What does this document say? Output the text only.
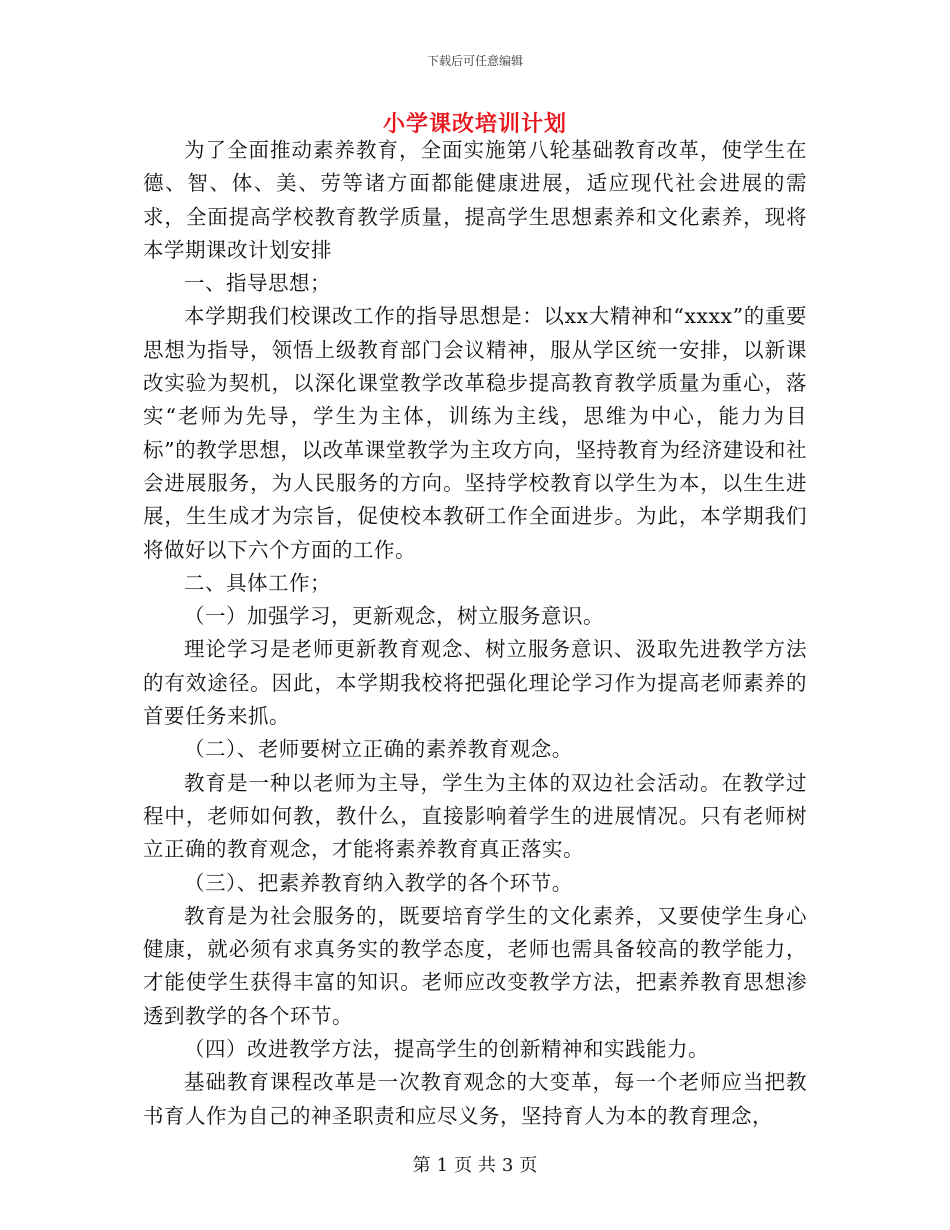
下载后可任意编辑
小学课改培训计划

为了全面推动素养教育，全面实施第八轮基础教育改革，使学生在德、智、体、美、劳等诸方面都能健康进展，适应现代社会进展的需求，全面提高学校教育教学质量，提高学生思想素养和文化素养，现将本学期课改计划安排

一、指导思想；

本学期我们校课改工作的指导思想是：以xx大精神和“xxxx”的重要思想为指导，领悟上级教育部门会议精神，服从学区统一安排，以新课改实验为契机，以深化课堂教学改革稳步提高教育教学质量为重心，落实“老师为先导，学生为主体，训练为主线，思维为中心，能力为目标”的教学思想，以改革课堂教学为主攻方向，坚持教育为经济建设和社会进展服务，为人民服务的方向。坚持学校教育以学生为本，以生生进展，生生成才为宗旨，促使校本教研工作全面进步。为此，本学期我们将做好以下六个方面的工作。

二、具体工作；

（一）加强学习，更新观念，树立服务意识。

理论学习是老师更新教育观念、树立服务意识、汲取先进教学方法的有效途径。因此，本学期我校将把强化理论学习作为提高老师素养的首要任务来抓。

（二）、老师要树立正确的素养教育观念。

教育是一种以老师为主导，学生为主体的双边社会活动。在教学过程中，老师如何教，教什么，直接影响着学生的进展情况。只有老师树立正确的教育观念，才能将素养教育真正落实。

（三）、把素养教育纳入教学的各个环节。

教育是为社会服务的，既要培育学生的文化素养，又要使学生身心健康，就必须有求真务实的教学态度，老师也需具备较高的教学能力，才能使学生获得丰富的知识。老师应改变教学方法，把素养教育思想渗透到教学的各个环节。

（四）改进教学方法，提高学生的创新精神和实践能力。

基础教育课程改革是一次教育观念的大变革，每一个老师应当把教书育人作为自己的神圣职责和应尽义务，坚持育人为本的教育理念，

第 1 页 共 3 页
